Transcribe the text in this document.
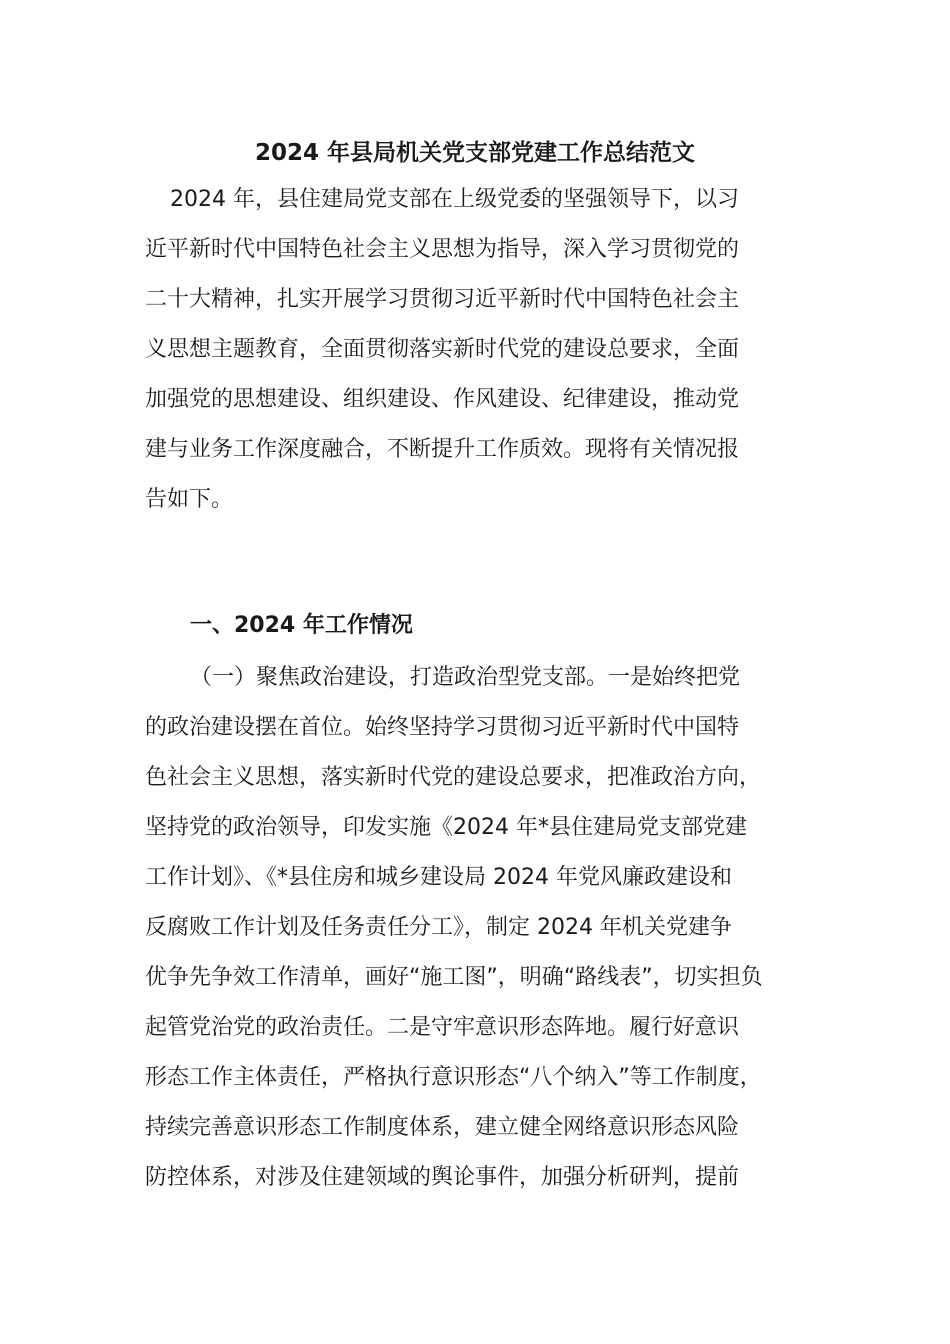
2024 年县局机关党支部党建工作总结范文

2024 年，县住建局党支部在上级党委的坚强领导下，以习

近平新时代中国特色社会主义思想为指导，深入学习贯彻党的

二十大精神，扎实开展学习贯彻习近平新时代中国特色社会主

义思想主题教育，全面贯彻落实新时代党的建设总要求，全面

加强党的思想建设、组织建设、作风建设、纪律建设，推动党

建与业务工作深度融合，不断提升工作质效。现将有关情况报

告如下。

一、2024 年工作情况

（一）聚焦政治建设，打造政治型党支部。一是始终把党

的政治建设摆在首位。始终坚持学习贯彻习近平新时代中国特

色社会主义思想，落实新时代党的建设总要求，把准政治方向，

坚持党的政治领导，印发实施《2024 年*县住建局党支部党建

工作计划》、《*县住房和城乡建设局 2024 年党风廉政建设和

反腐败工作计划及任务责任分工》，制定 2024 年机关党建争

优争先争效工作清单，画好“施工图”，明确“路线表”，切实担负

起管党治党的政治责任。二是守牢意识形态阵地。履行好意识

形态工作主体责任，严格执行意识形态“八个纳入”等工作制度，

持续完善意识形态工作制度体系，建立健全网络意识形态风险

防控体系，对涉及住建领域的舆论事件，加强分析研判，提前
